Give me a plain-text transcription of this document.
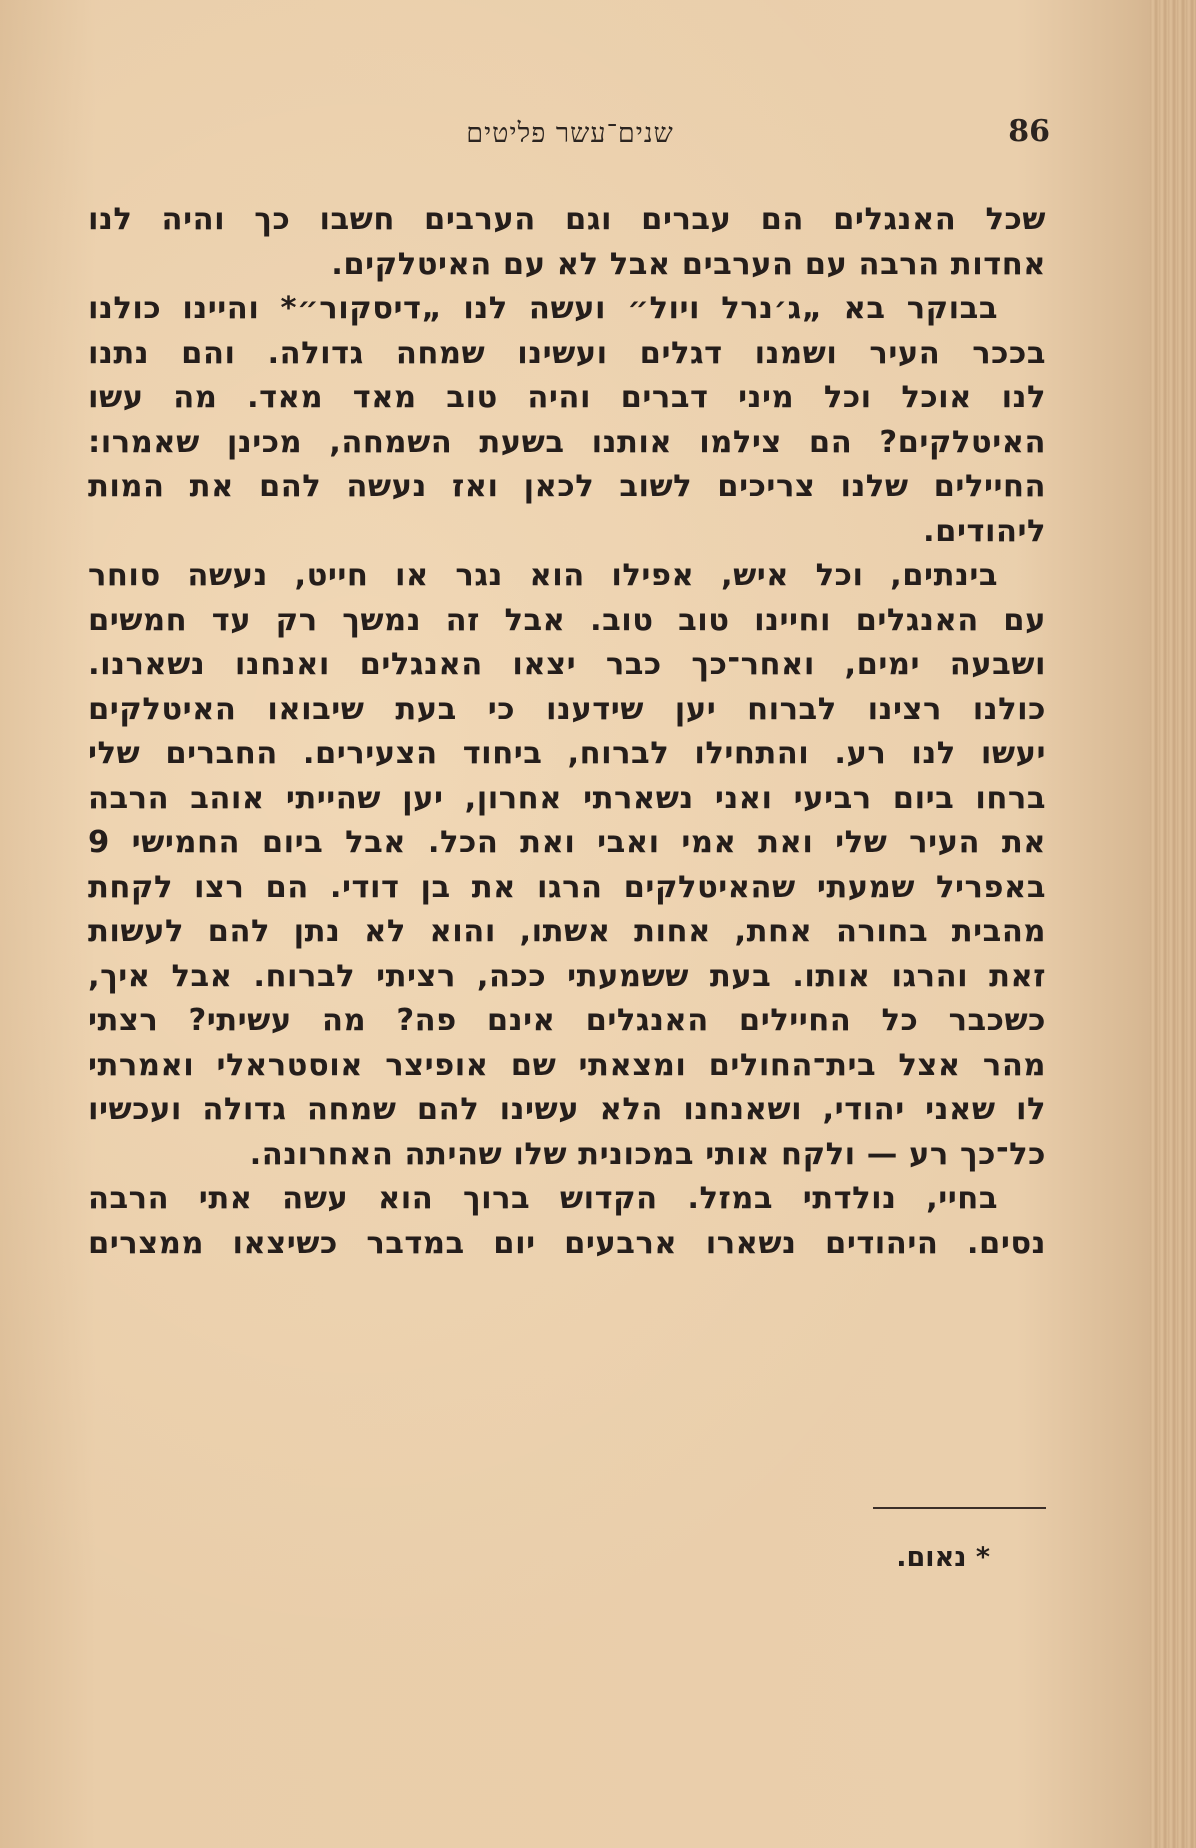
86
שנים־עשר פליטים
שכל האנגלים הם עברים וגם הערבים חשבו כך והיה לנו
אחדות הרבה עם הערבים אבל לא עם האיטלקים.
בבוקר בא „ג׳נרל ויול״ ועשה לנו „דיסקור״* והיינו כולנו
בככר העיר ושמנו דגלים ועשינו שמחה גדולה. והם נתנו
לנו אוכל וכל מיני דברים והיה טוב מאד מאד. מה עשו
האיטלקים? הם צילמו אותנו בשעת השמחה, מכינן שאמרו:
החיילים שלנו צריכים לשוב לכאן ואז נעשה להם את המות
ליהודים.
בינתים, וכל איש, אפילו הוא נגר או חייט, נעשה סוחר
עם האנגלים וחיינו טוב טוב. אבל זה נמשך רק עד חמשים
ושבעה ימים, ואחר־כך כבר יצאו האנגלים ואנחנו נשארנו.
כולנו רצינו לברוח יען שידענו כי בעת שיבואו האיטלקים
יעשו לנו רע. והתחילו לברוח, ביחוד הצעירים. החברים שלי
ברחו ביום רביעי ואני נשארתי אחרון, יען שהייתי אוהב הרבה
את העיר שלי ואת אמי ואבי ואת הכל. אבל ביום החמישי 9
באפריל שמעתי שהאיטלקים הרגו את בן דודי. הם רצו לקחת
מהבית בחורה אחת, אחות אשתו, והוא לא נתן להם לעשות
זאת והרגו אותו. בעת ששמעתי ככה, רציתי לברוח. אבל איך,
כשכבר כל החיילים האנגלים אינם פה? מה עשיתי? רצתי
מהר אצל בית־החולים ומצאתי שם אופיצר אוסטראלי ואמרתי
לו שאני יהודי, ושאנחנו הלא עשינו להם שמחה גדולה ועכשיו
כל־כך רע — ולקח אותי במכונית שלו שהיתה האחרונה.
בחיי, נולדתי במזל. הקדוש ברוך הוא עשה אתי הרבה
נסים. היהודים נשארו ארבעים יום במדבר כשיצאו ממצרים
* נאום.
